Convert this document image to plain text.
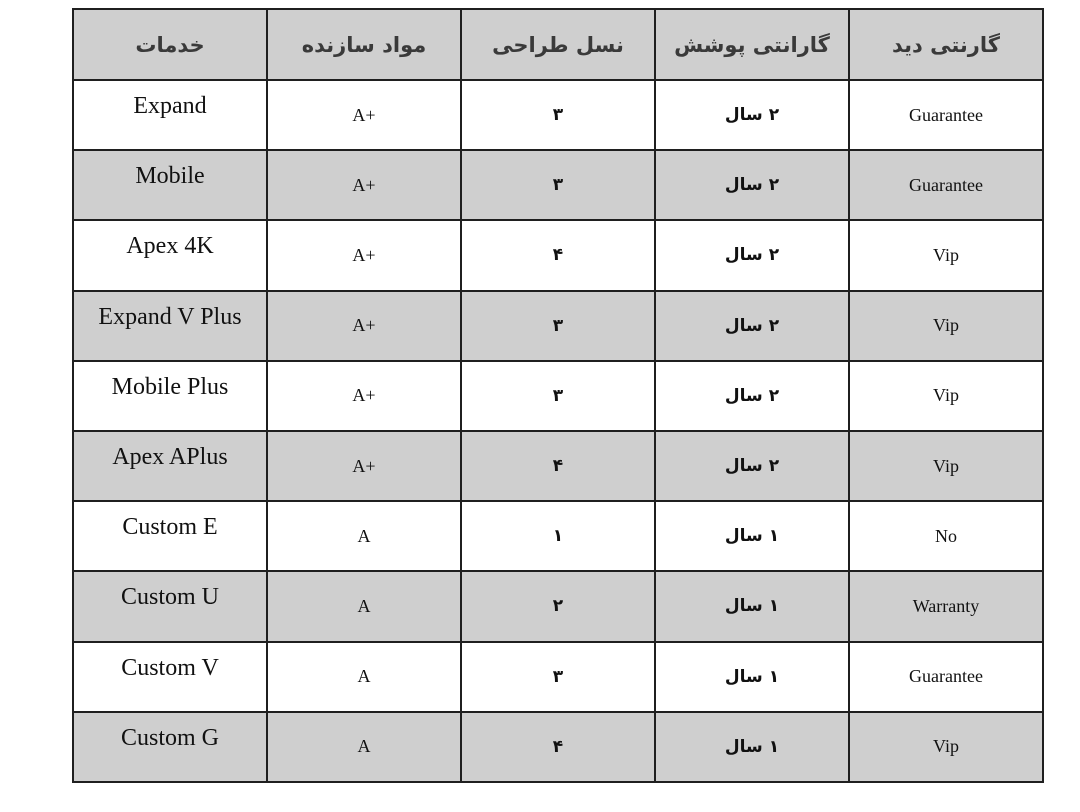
خدمات	مواد سازنده	نسل طراحی	گارانتی پوشش	گارنتی دید
Expand	A+	۳	۲ سال	Guarantee
Mobile	A+	۳	۲ سال	Guarantee
Apex 4K	A+	۴	۲ سال	Vip
Expand V Plus	A+	۳	۲ سال	Vip
Mobile Plus	A+	۳	۲ سال	Vip
Apex APlus	A+	۴	۲ سال	Vip
Custom E	A	۱	۱ سال	No
Custom U	A	۲	۱ سال	Warranty
Custom V	A	۳	۱ سال	Guarantee
Custom G	A	۴	۱ سال	Vip
